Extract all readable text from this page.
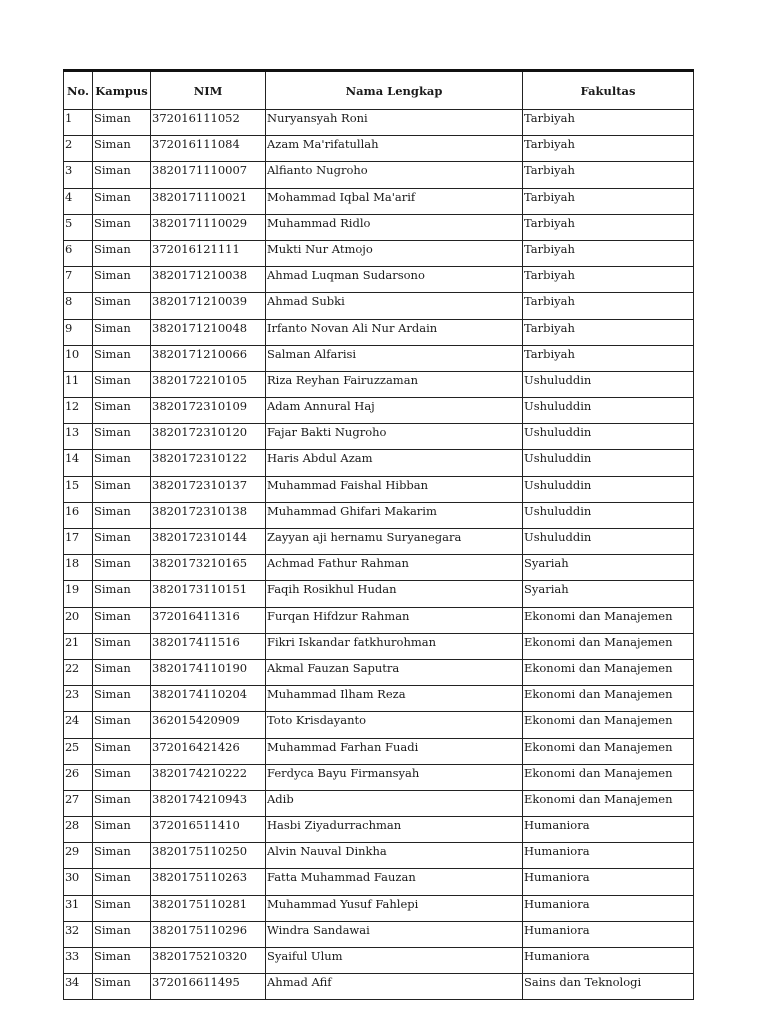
No.	Kampus	NIM	Nama Lengkap	Fakultas
1	Siman	372016111052	Nuryansyah Roni	Tarbiyah
2	Siman	372016111084	Azam Ma'rifatullah	Tarbiyah
3	Siman	3820171110007	Alfianto Nugroho	Tarbiyah
4	Siman	3820171110021	Mohammad Iqbal Ma'arif	Tarbiyah
5	Siman	3820171110029	Muhammad Ridlo	Tarbiyah
6	Siman	372016121111	Mukti Nur Atmojo	Tarbiyah
7	Siman	3820171210038	Ahmad Luqman Sudarsono	Tarbiyah
8	Siman	3820171210039	Ahmad Subki	Tarbiyah
9	Siman	3820171210048	Irfanto Novan Ali Nur Ardain	Tarbiyah
10	Siman	3820171210066	Salman Alfarisi	Tarbiyah
11	Siman	3820172210105	Riza Reyhan Fairuzzaman	Ushuluddin
12	Siman	3820172310109	Adam Annural Haj	Ushuluddin
13	Siman	3820172310120	Fajar Bakti Nugroho	Ushuluddin
14	Siman	3820172310122	Haris Abdul Azam	Ushuluddin
15	Siman	3820172310137	Muhammad Faishal Hibban	Ushuluddin
16	Siman	3820172310138	Muhammad Ghifari Makarim	Ushuluddin
17	Siman	3820172310144	Zayyan aji hernamu Suryanegara	Ushuluddin
18	Siman	3820173210165	Achmad Fathur Rahman	Syariah
19	Siman	3820173110151	Faqih Rosikhul Hudan	Syariah
20	Siman	372016411316	Furqan Hifdzur Rahman	Ekonomi dan Manajemen
21	Siman	382017411516	Fikri Iskandar fatkhurohman	Ekonomi dan Manajemen
22	Siman	3820174110190	Akmal Fauzan Saputra	Ekonomi dan Manajemen
23	Siman	3820174110204	Muhammad Ilham Reza	Ekonomi dan Manajemen
24	Siman	362015420909	Toto Krisdayanto	Ekonomi dan Manajemen
25	Siman	372016421426	Muhammad Farhan Fuadi	Ekonomi dan Manajemen
26	Siman	3820174210222	Ferdyca Bayu Firmansyah	Ekonomi dan Manajemen
27	Siman	3820174210943	Adib	Ekonomi dan Manajemen
28	Siman	372016511410	Hasbi Ziyadurrachman	Humaniora
29	Siman	3820175110250	Alvin Nauval Dinkha	Humaniora
30	Siman	3820175110263	Fatta Muhammad Fauzan	Humaniora
31	Siman	3820175110281	Muhammad Yusuf Fahlepi	Humaniora
32	Siman	3820175110296	Windra Sandawai	Humaniora
33	Siman	3820175210320	Syaiful Ulum	Humaniora
34	Siman	372016611495	Ahmad Afif	Sains dan Teknologi
